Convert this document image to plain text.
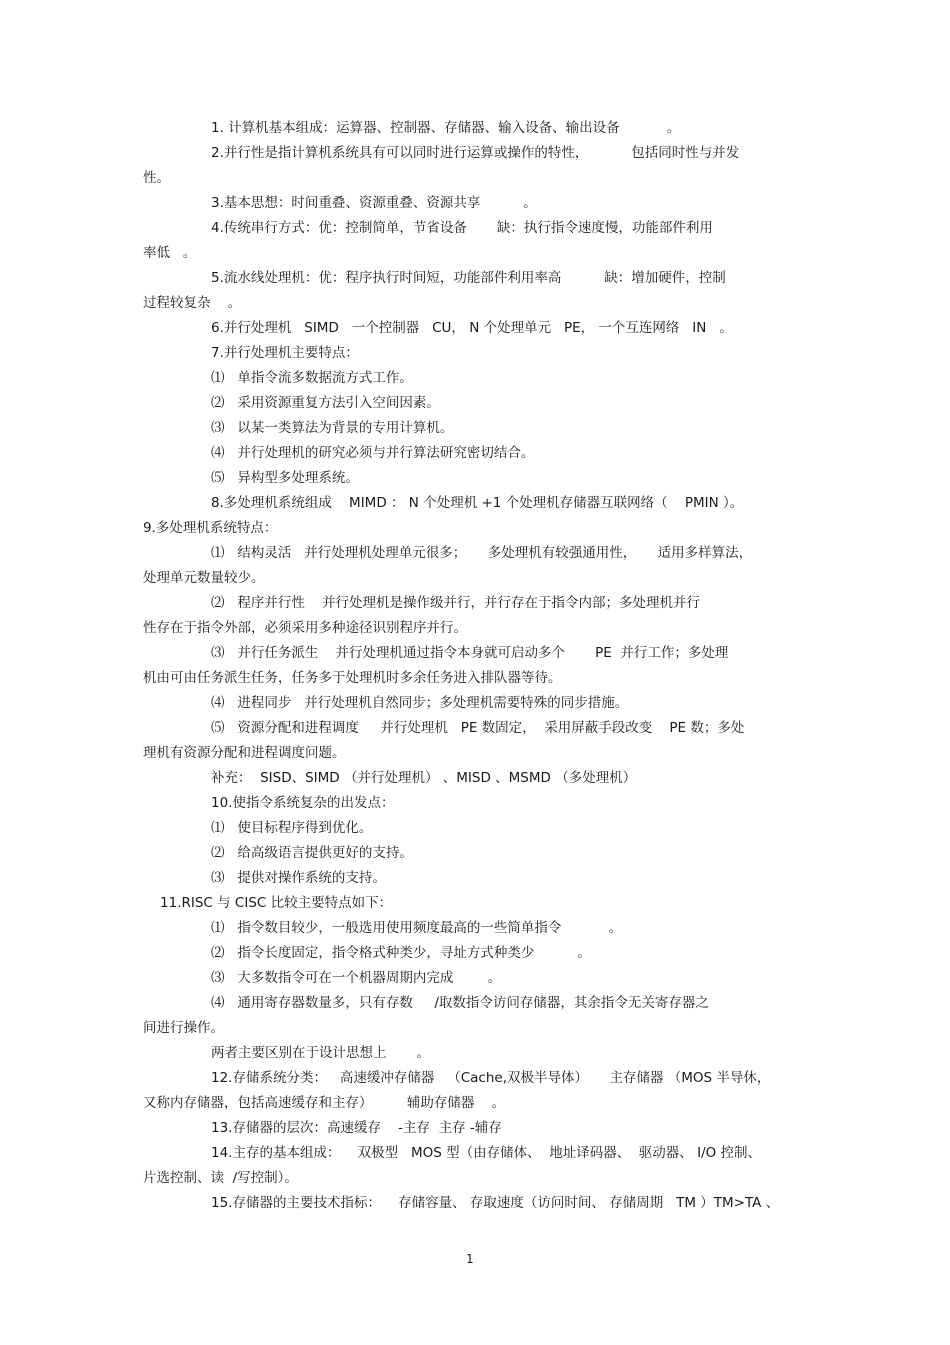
1. 计算机基本组成：运算器、控制器、存储器、输入设备、输出设备           。
2.并行性是指计算机系统具有可以同时进行运算或操作的特性，          包括同时性与并发
性。
3.基本思想：时间重叠、资源重叠、资源共享          。
4.传统串行方式：优：控制简单，节省设备       缺：执行指令速度慢，功能部件利用
率低   。
5.流水线处理机：优：程序执行时间短，功能部件利用率高          缺：增加硬件，控制
过程较复杂    。
6.并行处理机   SIMD   一个控制器   CU， N 个处理单元   PE， 一个互连网络   IN   。
7.并行处理机主要特点：
⑴   单指令流多数据流方式工作。
⑵   采用资源重复方法引入空间因素。
⑶   以某一类算法为背景的专用计算机。
⑷   并行处理机的研究必须与并行算法研究密切结合。
⑸   异构型多处理系统。
8.多处理机系统组成    MIMD ： N 个处理机 +1 个处理机存储器互联网络（    PMIN ）。
9.多处理机系统特点：
⑴   结构灵活   并行处理机处理单元很多；     多处理机有较强通用性，     适用多样算法，
处理单元数量较少。
⑵   程序并行性    并行处理机是操作级并行，并行存在于指令内部；多处理机并行
性存在于指令外部，必须采用多种途径识别程序并行。
⑶   并行任务派生    并行处理机通过指令本身就可启动多个       PE  并行工作；多处理
机由可由任务派生任务，任务多于处理机时多余任务进入排队器等待。
⑷   进程同步   并行处理机自然同步；多处理机需要特殊的同步措施。
⑸   资源分配和进程调度     并行处理机   PE 数固定，  采用屏蔽手段改变    PE 数；多处
理机有资源分配和进程调度问题。
补充：  SISD、SIMD （并行处理机） 、MISD 、MSMD （多处理机）
10.使指令系统复杂的出发点：
⑴   使目标程序得到优化。
⑵   给高级语言提供更好的支持。
⑶   提供对操作系统的支持。
11.RISC 与 CISC 比较主要特点如下：
⑴   指令数目较少，一般选用使用频度最高的一些简单指令           。
⑵   指令长度固定，指令格式种类少，寻址方式种类少          。
⑶   大多数指令可在一个机器周期内完成        。
⑷   通用寄存器数量多，只有存数     /取数指令访问存储器，其余指令无关寄存器之
间进行操作。
两者主要区别在于设计思想上       。
12.存储系统分类：   高速缓冲存储器   （Cache,双极半导体）     主存储器 （MOS 半导休，
又称内存储器，包括高速缓存和主存）        辅助存储器    。
13.存储器的层次：高速缓存    -主存  主存 -辅存
14.主存的基本组成：    双极型   MOS 型（由存储体、  地址译码器、  驱动器、 I/O 控制、
片选控制、读  /写控制）。
15.存储器的主要技术指标：    存储容量、 存取速度（访问时间、 存储周期   TM ）TM>TA 、
1
